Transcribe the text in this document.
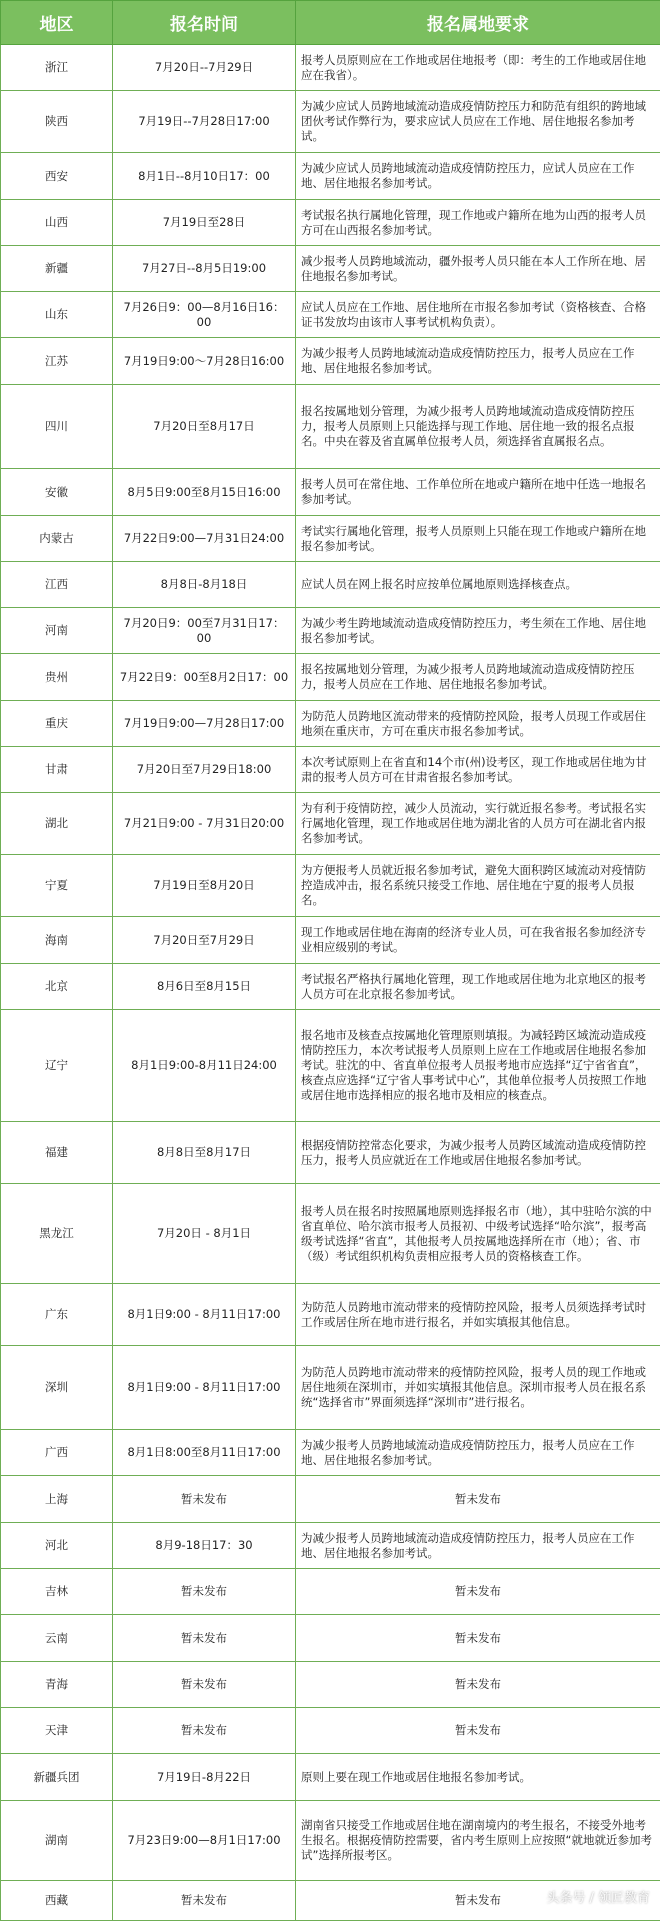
地区	报名时间	报名属地要求
浙江	7月20日--7月29日	报考人员原则应在工作地或居住地报考（即：考生的工作地或居住地应在我省）。
陕西	7月19日--7月28日17:00	为减少应试人员跨地域流动造成疫情防控压力和防范有组织的跨地域团伙考试作弊行为，要求应试人员应在工作地、居住地报名参加考试。
西安	8月1日--8月10日17：00	为减少应试人员跨地域流动造成疫情防控压力，应试人员应在工作地、居住地报名参加考试。
山西	7月19日至28日	考试报名执行属地化管理，现工作地或户籍所在地为山西的报考人员方可在山西报名参加考试。
新疆	7月27日--8月5日19:00	减少报考人员跨地域流动，疆外报考人员只能在本人工作所在地、居住地报名参加考试。
山东	7月26日9：00—8月16日16：00	应试人员应在工作地、居住地所在市报名参加考试（资格核查、合格证书发放均由该市人事考试机构负责）。
江苏	7月19日9:00～7月28日16:00	为减少报考人员跨地域流动造成疫情防控压力，报考人员应在工作地、居住地报名参加考试。
四川	7月20日至8月17日	报名按属地划分管理，为减少报考人员跨地域流动造成疫情防控压力，报考人员原则上只能选择与现工作地、居住地一致的报名点报名。中央在蓉及省直属单位报考人员，须选择省直属报名点。
安徽	8月5日9:00至8月15日16:00	报考人员可在常住地、工作单位所在地或户籍所在地中任选一地报名参加考试。
内蒙古	7月22日9:00—7月31日24:00	考试实行属地化管理，报考人员原则上只能在现工作地或户籍所在地报名参加考试。
江西	8月8日-8月18日	应试人员在网上报名时应按单位属地原则选择核查点。
河南	7月20日9：00至7月31日17：00	为减少考生跨地域流动造成疫情防控压力，考生须在工作地、居住地报名参加考试。
贵州	7月22日9：00至8月2日17：00	报名按属地划分管理，为减少报考人员跨地域流动造成疫情防控压力，报考人员应在工作地、居住地报名参加考试。
重庆	7月19日9:00—7月28日17:00	为防范人员跨地区流动带来的疫情防控风险，报考人员现工作或居住地须在重庆市，方可在重庆市报名参加考试。
甘肃	7月20日至7月29日18:00	本次考试原则上在省直和14个市(州)设考区，现工作地或居住地为甘肃的报考人员方可在甘肃省报名参加考试。
湖北	7月21日9:00 - 7月31日20:00	为有利于疫情防控，减少人员流动，实行就近报名参考。考试报名实行属地化管理，现工作地或居住地为湖北省的人员方可在湖北省内报名参加考试。
宁夏	7月19日至8月20日	为方便报考人员就近报名参加考试，避免大面积跨区域流动对疫情防控造成冲击，报名系统只接受工作地、居住地在宁夏的报考人员报名。
海南	7月20日至7月29日	现工作地或居住地在海南的经济专业人员，可在我省报名参加经济专业相应级别的考试。
北京	8月6日至8月15日	考试报名严格执行属地化管理，现工作地或居住地为北京地区的报考人员方可在北京报名参加考试。
辽宁	8月1日9:00-8月11日24:00	报名地市及核查点按属地化管理原则填报。为减轻跨区域流动造成疫情防控压力，本次考试报考人员原则上应在工作地或居住地报名参加考试。驻沈的中、省直单位报考人员报考地市应选择“辽宁省省直”，核查点应选择“辽宁省人事考试中心”，其他单位报考人员按照工作地或居住地市选择相应的报名地市及相应的核查点。
福建	8月8日至8月17日	根据疫情防控常态化要求，为减少报考人员跨区域流动造成疫情防控压力，报考人员应就近在工作地或居住地报名参加考试。
黑龙江	7月20日 - 8月1日	报考人员在报名时按照属地原则选择报名市（地），其中驻哈尔滨的中省直单位、哈尔滨市报考人员报初、中级考试选择“哈尔滨”，报考高级考试选择“省直”，其他报考人员按属地选择所在市（地）；省、市（级）考试组织机构负责相应报考人员的资格核查工作。
广东	8月1日9:00 - 8月11日17:00	为防范人员跨地市流动带来的疫情防控风险，报考人员须选择考试时工作或居住所在地市进行报名，并如实填报其他信息。
深圳	8月1日9:00 - 8月11日17:00	为防范人员跨地市流动带来的疫情防控风险，报考人员的现工作地或居住地须在深圳市，并如实填报其他信息。深圳市报考人员在报名系统“选择省市”界面须选择“深圳市”进行报名。
广西	8月1日8:00至8月11日17:00	为减少报考人员跨地域流动造成疫情防控压力，报考人员应在工作地、居住地报名参加考试。
上海	暂未发布	暂未发布
河北	8月9-18日17：30	为减少报考人员跨地域流动造成疫情防控压力，报考人员应在工作地、居住地报名参加考试。
吉林	暂未发布	暂未发布
云南	暂未发布	暂未发布
青海	暂未发布	暂未发布
天津	暂未发布	暂未发布
新疆兵团	7月19日-8月22日	原则上要在现工作地或居住地报名参加考试。
湖南	7月23日9:00—8月1日17:00	湖南省只接受工作地或居住地在湖南境内的考生报名，不接受外地考生报名。根据疫情防控需要，省内考生原则上应按照“就地就近参加考试”选择所报考区。
西藏	暂未发布	暂未发布	头条号 / 领匠教育
